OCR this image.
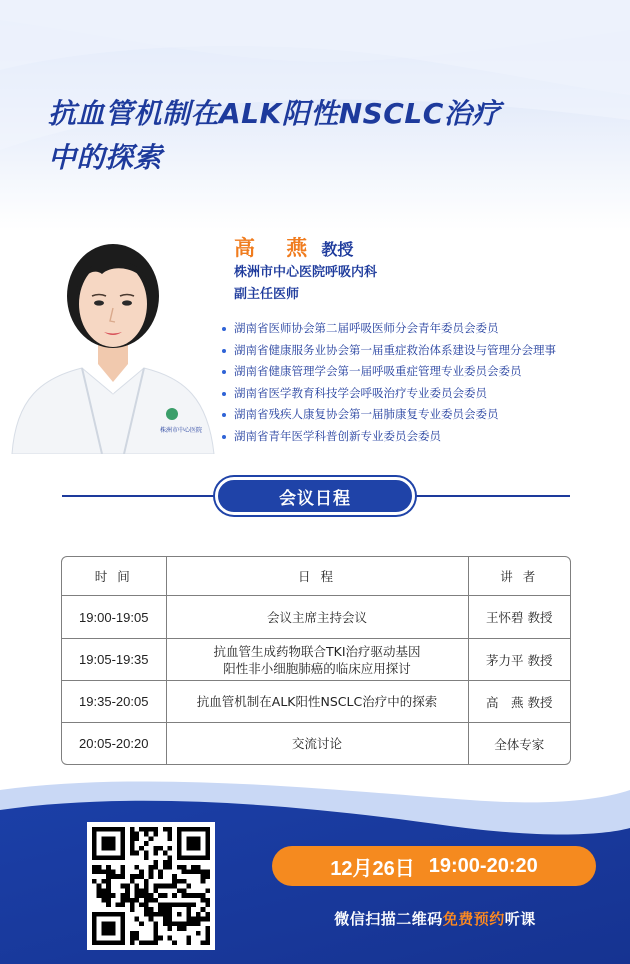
抗血管机制在ALK阳性NSCLC治疗
中的探索
株洲市中心医院
高 燕 教授
株洲市中心医院呼吸内科
副主任医师
湖南省医师协会第二届呼吸医师分会青年委员会委员
湖南省健康服务业协会第一届重症救治体系建设与管理分会理事
湖南省健康管理学会第一届呼吸重症管理专业委员会委员
湖南省医学教育科技学会呼吸治疗专业委员会委员
湖南省残疾人康复协会第一届肺康复专业委员会委员
湖南省青年医学科普创新专业委员会委员
会议日程
时 间	日 程	讲 者
19:00-19:05	会议主席主持会议	王怀碧 教授
19:05-19:35	抗血管生成药物联合TKI治疗驱动基因
阳性非小细胞肺癌的临床应用探讨	茅力平 教授
19:35-20:05	抗血管机制在ALK阳性NSCLC治疗中的探索	高　燕 教授
20:05-20:20	交流讨论	全体专家
12月26日 19:00-20:20
微信扫描二维码免费预约听课
